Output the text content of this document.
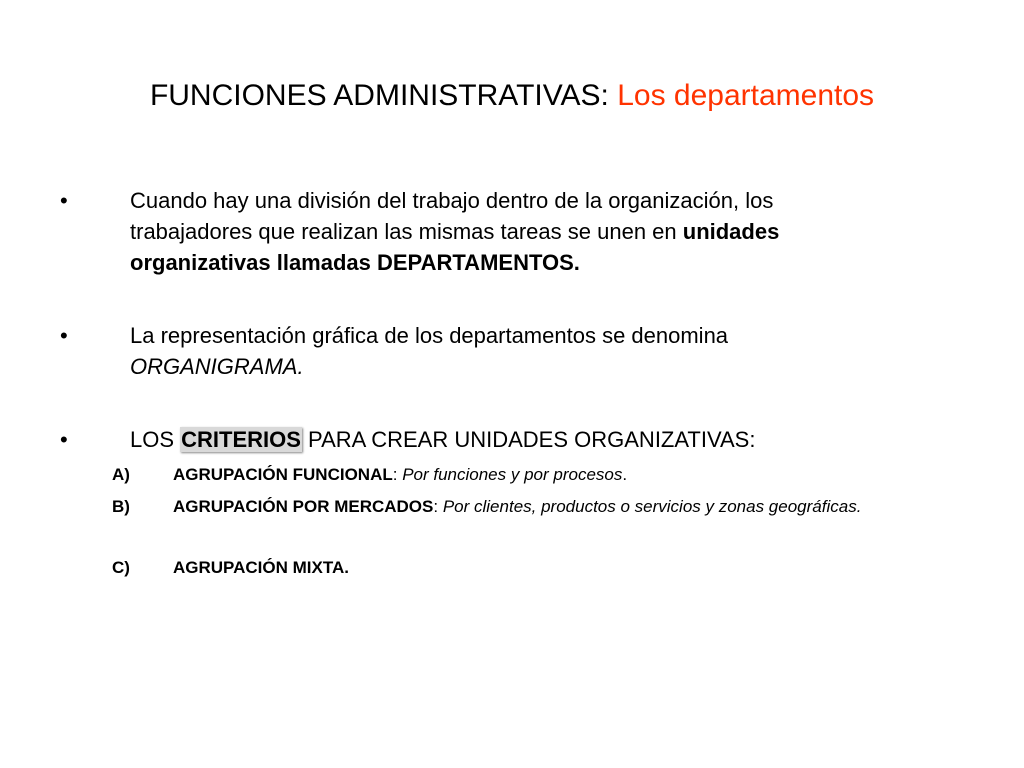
FUNCIONES ADMINISTRATIVAS: Los departamentos
•	Cuando hay una división del trabajo dentro de la organización, los trabajadores que realizan las mismas tareas se unen en unidades organizativas llamadas DEPARTAMENTOS.
•	La representación gráfica de los departamentos se denomina ORGANIGRAMA.
•	LOS CRITERIOS PARA CREAR UNIDADES ORGANIZATIVAS:
A)	AGRUPACIÓN FUNCIONAL: Por funciones y por procesos.
B)	AGRUPACIÓN POR MERCADOS: Por clientes, productos o servicios y zonas geográficas.
C)	AGRUPACIÓN MIXTA.
